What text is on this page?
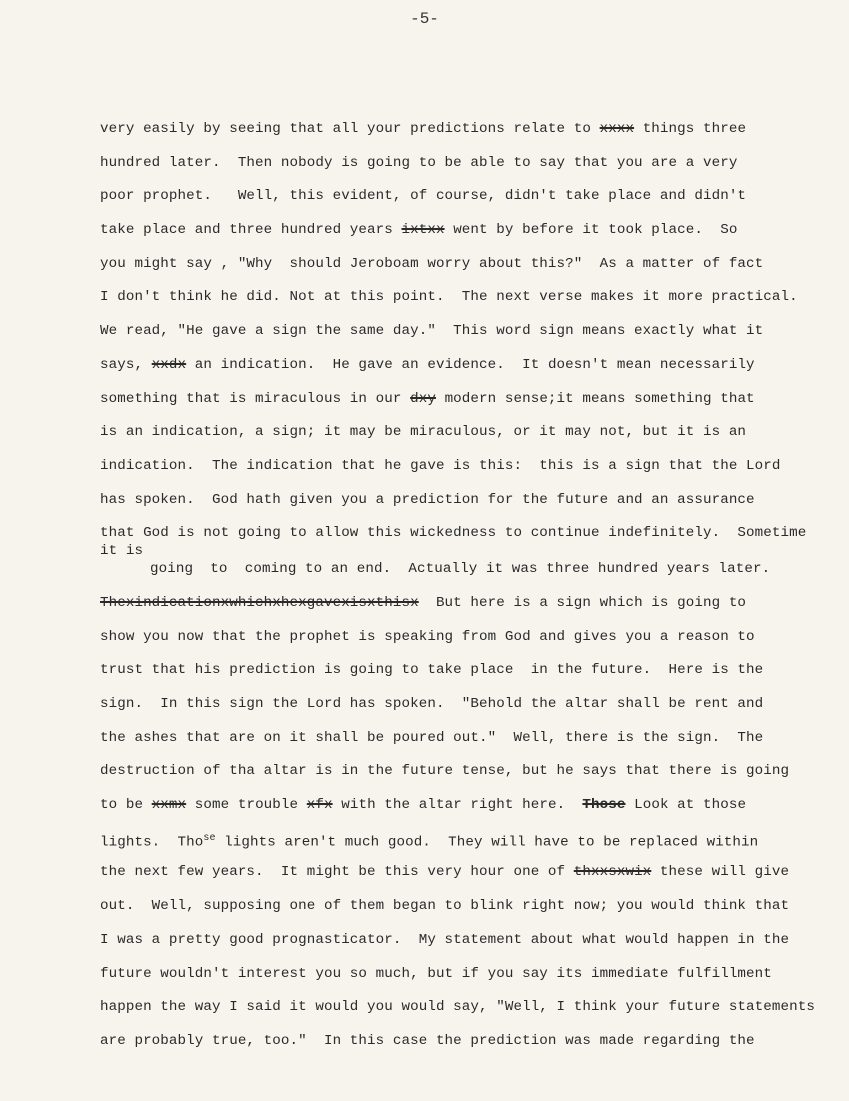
-5-
very easily by seeing that all your predictions relate to xxxx things three
hundred later.  Then nobody is going to be able to say that you are a very
poor prophet.   Well, this evident, of course, didn't take place and didn't
take place and three hundred years ixtxx went by before it took place.  So
you might say , "Why  should Jeroboam worry about this?"  As a matter of fact
I don't think he did. Not at this point.  The next verse makes it more practical.
We read, "He gave a sign the same day."  This word sign means exactly what it
says, xxdx an indication.  He gave an evidence.  It doesn't mean necessarily
something that is miraculous in our dxy modern sense;it means something that
is an indication, a sign; it may be miraculous, or it may not, but it is an
indication.  The indication that he gave is this:  this is a sign that the Lord
has spoken.  God hath given you a prediction for the future and an assurance
that God is not going to allow this wickedness to continue indefinitely.  Sometime
it is
going  to  coming to an end.  Actually it was three hundred years later.
Thexindicationxwhichxhexgavexisxthisx  But here is a sign which is going to
show you now that the prophet is speaking from God and gives you a reason to
trust that his prediction is going to take place  in the future.  Here is the
sign.  In this sign the Lord has spoken.  "Behold the altar shall be rent and
the ashes that are on it shall be poured out."  Well, there is the sign.  The
destruction of tha altar is in the future tense, but he says that there is going
to be xxmx some trouble xfx with the altar right here.  Those Look at those
lights.  Tho$^{se}$ lights aren't much good.  They will have to be replaced within
the next few years.  It might be this very hour one of thxxsxwix these will give
out.  Well, supposing one of them began to blink right now; you would think that
I was a pretty good prognasticator.  My statement about what would happen in the
future wouldn't interest you so much, but if you say its immediate fulfillment
happen the way I said it would you would say, "Well, I think your future statements
are probably true, too."  In this case the prediction was made regarding the
